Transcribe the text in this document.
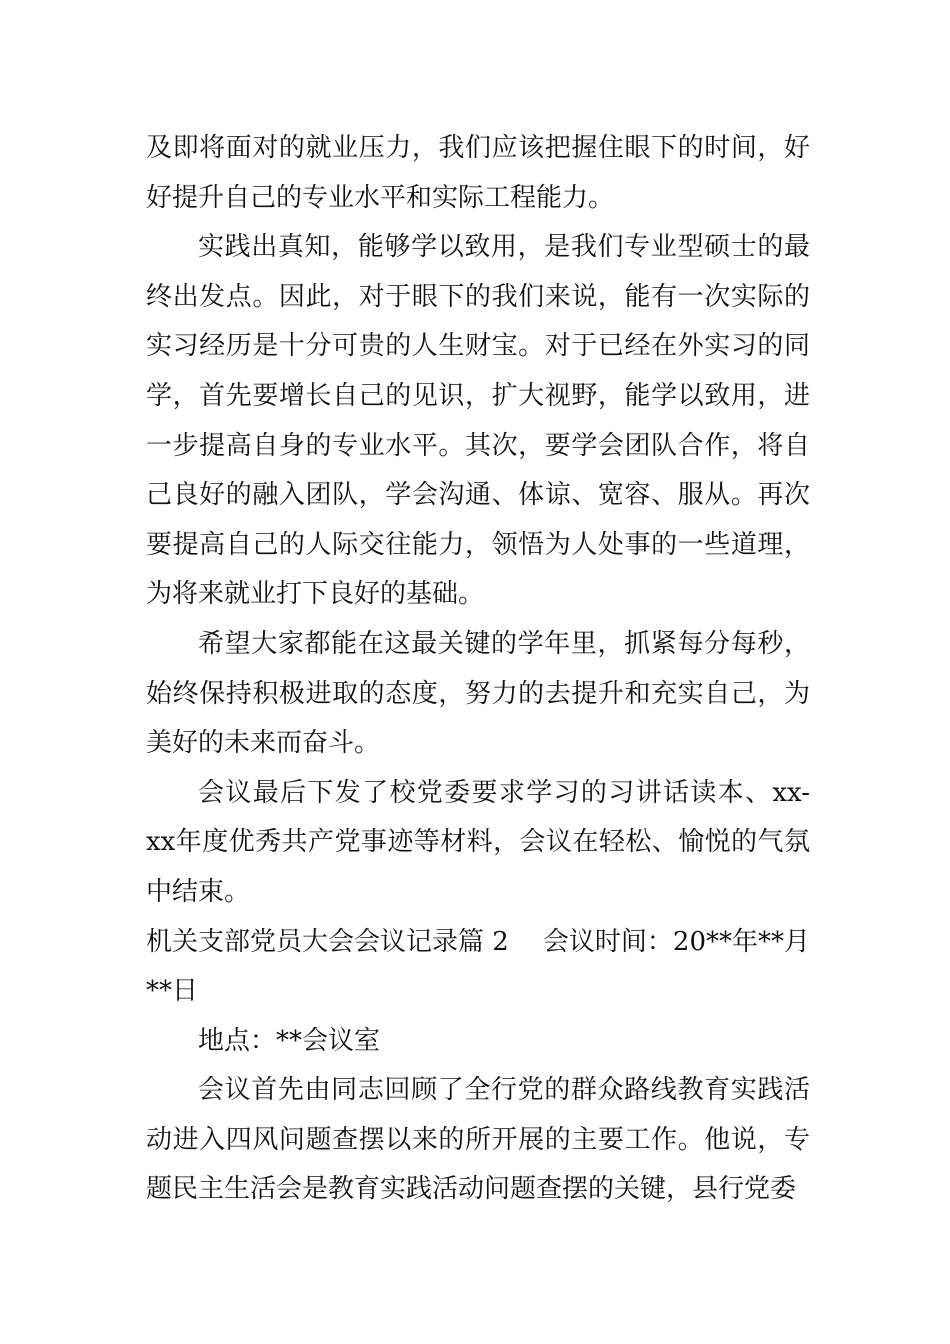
及即将面对的就业压力，我们应该把握住眼下的时间，好好提升自己的专业水平和实际工程能力。

实践出真知，能够学以致用，是我们专业型硕士的最终出发点。因此，对于眼下的我们来说，能有一次实际的实习经历是十分可贵的人生财宝。对于已经在外实习的同学，首先要增长自己的见识，扩大视野，能学以致用，进一步提高自身的专业水平。其次，要学会团队合作，将自己良好的融入团队，学会沟通、体谅、宽容、服从。再次要提高自己的人际交往能力，领悟为人处事的一些道理，为将来就业打下良好的基础。

希望大家都能在这最关键的学年里，抓紧每分每秒，始终保持积极进取的态度，努力的去提升和充实自己，为美好的未来而奋斗。

会议最后下发了校党委要求学习的习讲话读本、xx-xx年度优秀共产党事迹等材料，会议在轻松、愉悦的气氛中结束。

机关支部党员大会会议记录篇 2 会议时间：20**年**月

**日

地点：**会议室

会议首先由同志回顾了全行党的群众路线教育实践活动进入四风问题查摆以来的所开展的主要工作。他说，专题民主生活会是教育实践活动问题查摆的关键，县行党委
